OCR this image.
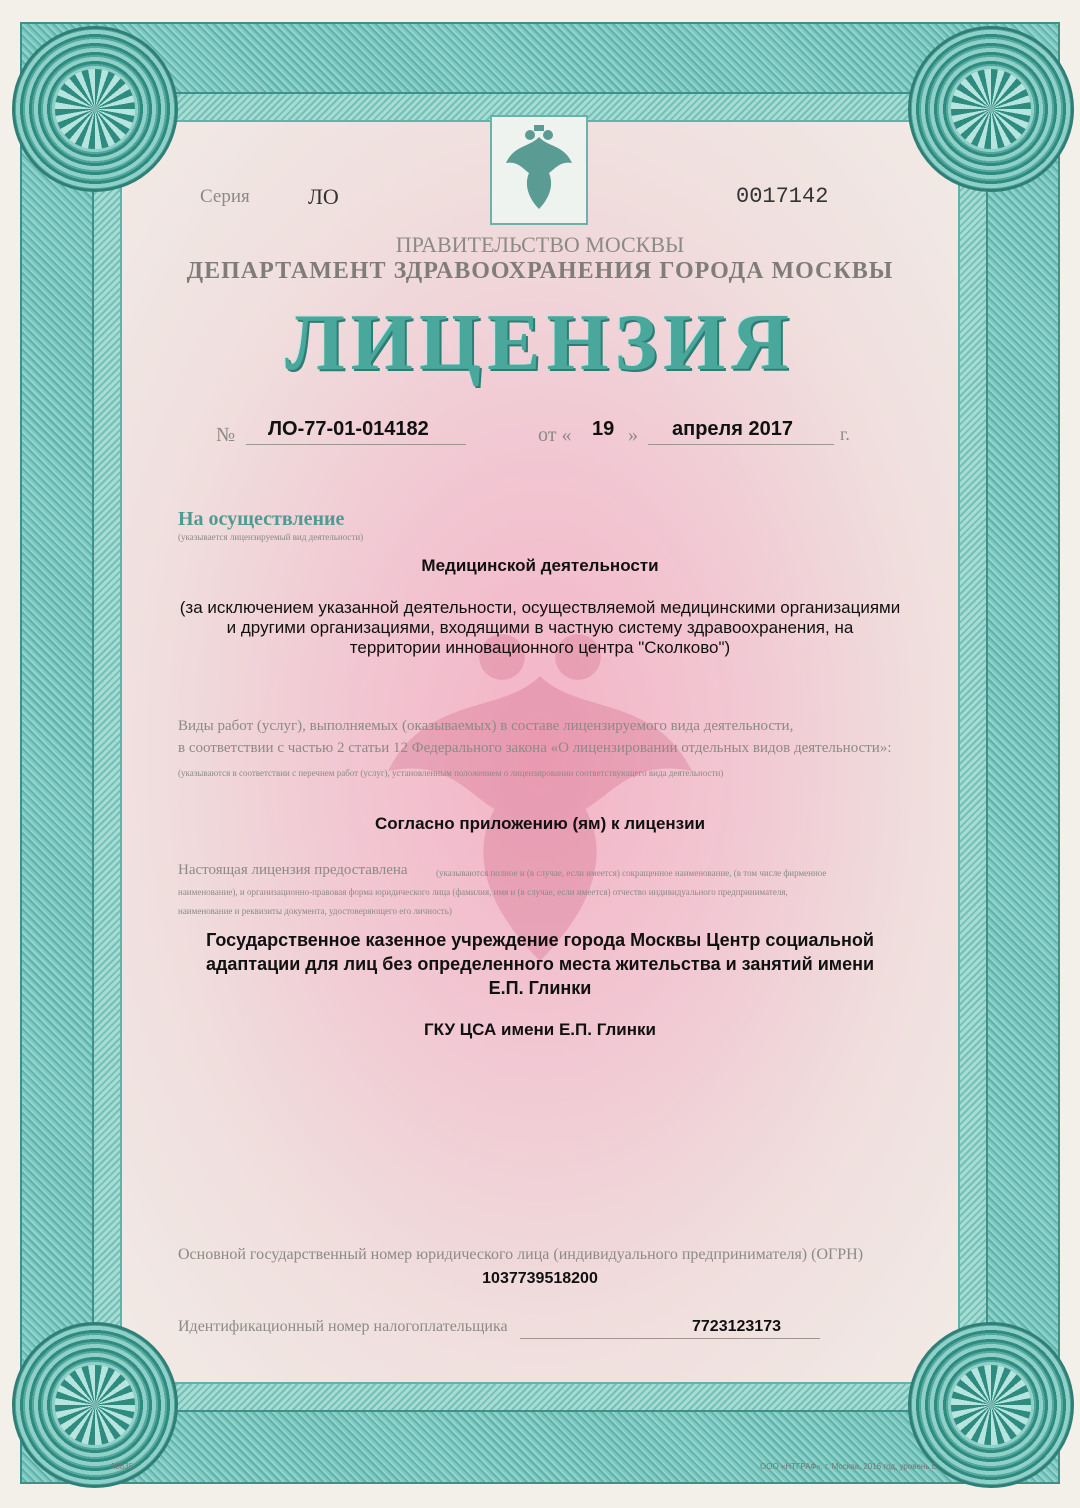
Серия	ЛО	0017142
ПРАВИТЕЛЬСТВО МОСКВЫ
ДЕПАРТАМЕНТ ЗДРАВООХРАНЕНИЯ ГОРОДА МОСКВЫ
ЛИЦЕНЗИЯ
№ ЛО-77-01-014182	от « 19 » апреля 2017	г.
На осуществление
(указывается лицензируемый вид деятельности)
Медицинской деятельности
(за исключением указанной деятельности, осуществляемой медицинскими организациями
и другими организациями, входящими в частную систему здравоохранения, на
территории инновационного центра "Сколково")
Виды работ (услуг), выполняемых (оказываемых) в составе лицензируемого вида деятельности,
в соответствии с частью 2 статьи 12 Федерального закона «О лицензировании отдельных видов деятельности»:
(указываются в соответствии с перечнем работ (услуг), установленным положением о лицензировании соответствующего вида деятельности)
Согласно приложению (ям) к лицензии
Настоящая лицензия предоставлена	(указываются полное и (в случае, если имеется) сокращенное наименование, (в том числе фирменное
наименование), и организационно-правовая форма юридического лица (фамилия, имя и (в случае, если имеется) отчество индивидуального предпринимателя,
наименование и реквизиты документа, удостоверяющего его личность)
Государственное казенное учреждение города Москвы Центр социальной
адаптации для лиц без определенного места жительства и занятий имени
Е.П. Глинки
ГКУ ЦСА имени Е.П. Глинки
Основной государственный номер юридического лица (индивидуального предпринимателя) (ОГРН)
1037739518200
Идентификационный номер налогоплательщика	7723123173
А3835	ООО «НТГРАФ», г. Москва, 2016 год, уровень Б
